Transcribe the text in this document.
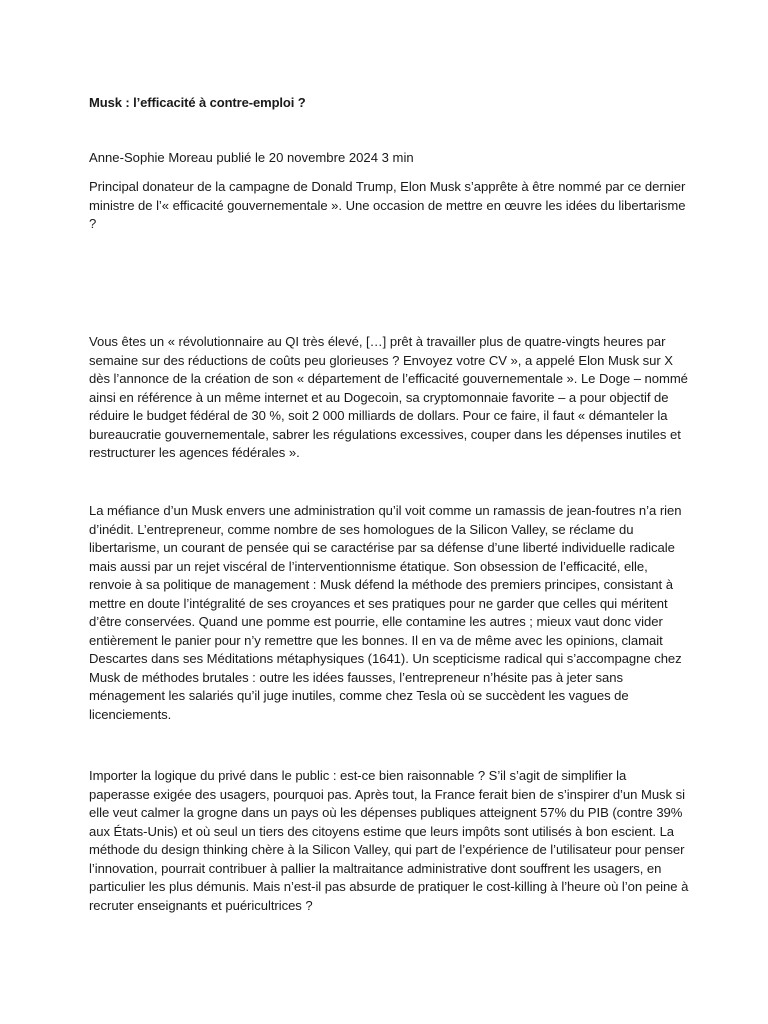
Musk : l’efficacité à contre-emploi ?
Anne-Sophie Moreau publié le 20 novembre 2024 3 min

Principal donateur de la campagne de Donald Trump, Elon Musk s’apprête à être nommé par ce dernier ministre de l’« efficacité gouvernementale ». Une occasion de mettre en œuvre les idées du libertarisme ?

Vous êtes un « révolutionnaire au QI très élevé, […] prêt à travailler plus de quatre-vingts heures par semaine sur des réductions de coûts peu glorieuses ? Envoyez votre CV », a appelé Elon Musk sur X dès l’annonce de la création de son « département de l’efficacité gouvernementale ». Le Doge – nommé ainsi en référence à un même internet et au Dogecoin, sa cryptomonnaie favorite – a pour objectif de réduire le budget fédéral de 30 %, soit 2 000 milliards de dollars. Pour ce faire, il faut « démanteler la bureaucratie gouvernementale, sabrer les régulations excessives, couper dans les dépenses inutiles et restructurer les agences fédérales ».

La méfiance d’un Musk envers une administration qu’il voit comme un ramassis de jean-foutres n’a rien d’inédit. L’entrepreneur, comme nombre de ses homologues de la Silicon Valley, se réclame du libertarisme, un courant de pensée qui se caractérise par sa défense d’une liberté individuelle radicale mais aussi par un rejet viscéral de l’interventionnisme étatique. Son obsession de l’efficacité, elle, renvoie à sa politique de management : Musk défend la méthode des premiers principes, consistant à mettre en doute l’intégralité de ses croyances et ses pratiques pour ne garder que celles qui méritent d’être conservées. Quand une pomme est pourrie, elle contamine les autres ; mieux vaut donc vider entièrement le panier pour n’y remettre que les bonnes. Il en va de même avec les opinions, clamait Descartes dans ses Méditations métaphysiques (1641). Un scepticisme radical qui s’accompagne chez Musk de méthodes brutales : outre les idées fausses, l’entrepreneur n’hésite pas à jeter sans ménagement les salariés qu’il juge inutiles, comme chez Tesla où se succèdent les vagues de licenciements.

Importer la logique du privé dans le public : est-ce bien raisonnable ? S’il s’agit de simplifier la paperasse exigée des usagers, pourquoi pas. Après tout, la France ferait bien de s’inspirer d’un Musk si elle veut calmer la grogne dans un pays où les dépenses publiques atteignent 57% du PIB (contre 39% aux États-Unis) et où seul un tiers des citoyens estime que leurs impôts sont utilisés à bon escient. La méthode du design thinking chère à la Silicon Valley, qui part de l’expérience de l’utilisateur pour penser l’innovation, pourrait contribuer à pallier la maltraitance administrative dont souffrent les usagers, en particulier les plus démunis. Mais n’est-il pas absurde de pratiquer le cost-killing à l’heure où l’on peine à recruter enseignants et puéricultrices ?
